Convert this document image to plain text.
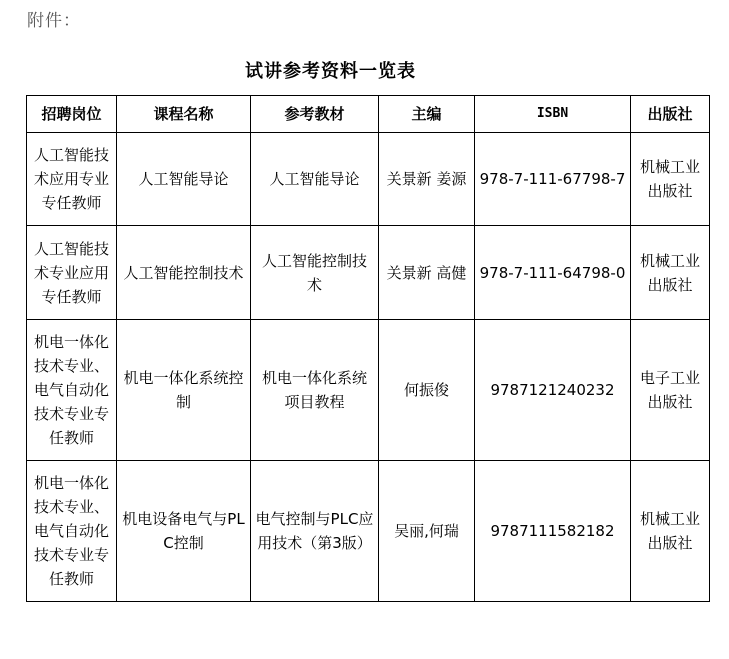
附件：
试讲参考资料一览表
招聘岗位	课程名称	参考教材	主编	ISBN	出版社
人工智能技术应用专业专任教师	人工智能导论	人工智能导论	关景新 姜源	978-7-111-67798-7	机械工业出版社
人工智能技术专业应用专任教师	人工智能控制技术	人工智能控制技术	关景新 高健	978-7-111-64798-0	机械工业出版社
机电一体化技术专业、电气自动化技术专业专任教师	机电一体化系统控制	机电一体化系统项目教程	何振俊	9787121240232	电子工业出版社
机电一体化技术专业、电气自动化技术专业专任教师	机电设备电气与PLC控制	电气控制与PLC应用技术（第3版）	吴丽,何瑞	9787111582182	机械工业出版社
